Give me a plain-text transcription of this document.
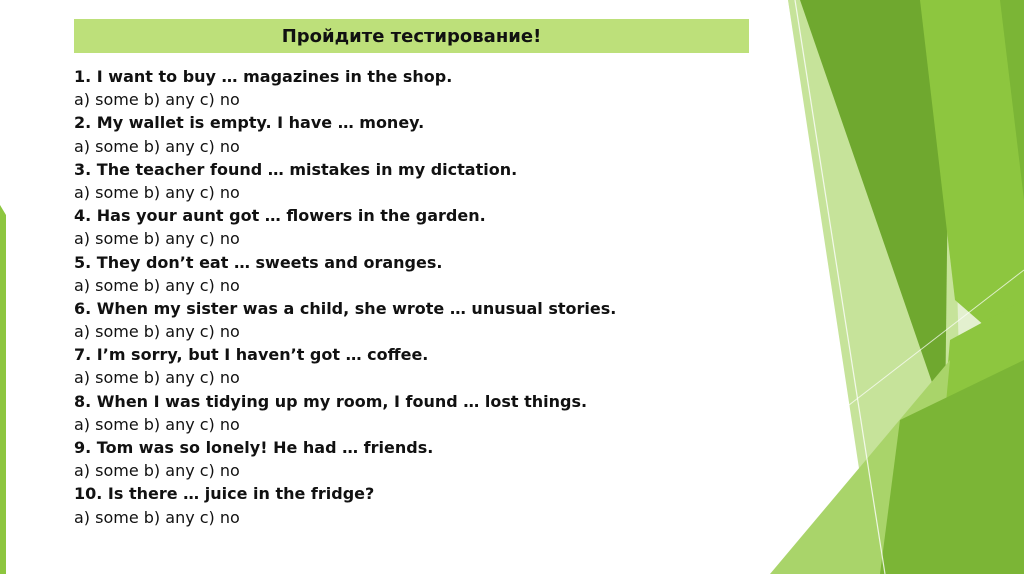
Пройдите тестирование!
1. I want to buy … magazines in the shop.
a) some b) any c) no
2. My wallet is empty. I have … money.
a) some b) any c) no
3. The teacher found … mistakes in my dictation.
a) some b) any c) no
4. Has your aunt got … flowers in the garden.
a) some b) any c) no
5. They don’t eat … sweets and oranges.
a) some b) any c) no
6. When my sister was a child, she wrote … unusual stories.
a) some b) any c) no
7. I’m sorry, but I haven’t got … coffee.
a) some b) any c) no
8. When I was tidying up my room, I found … lost things.
a) some b) any c) no
9. Tom was so lonely! He had … friends.
a) some b) any c) no
10. Is there … juice in the fridge?
a) some b) any c) no
